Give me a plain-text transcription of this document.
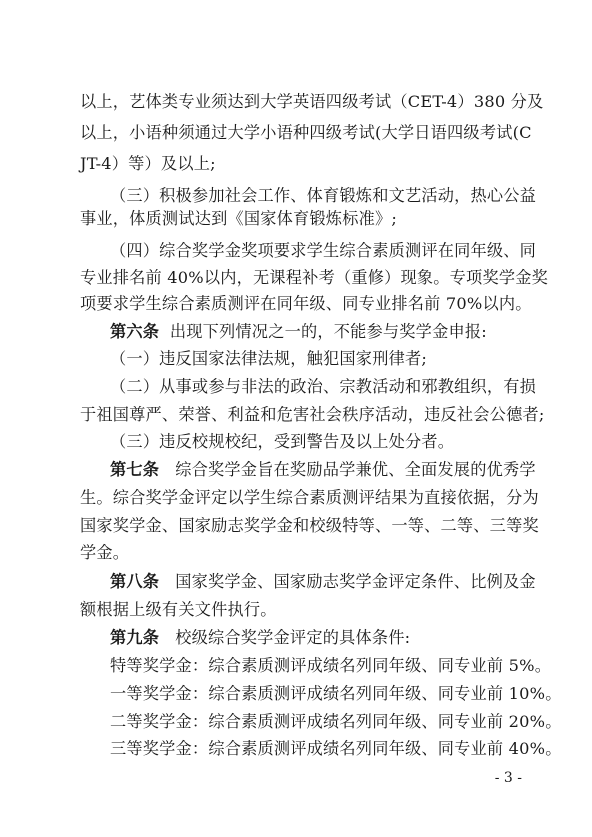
以上，艺体类专业须达到大学英语四级考试（CET-4）380 分及
以上，小语种须通过大学小语种四级考试(大学日语四级考试(C
JT-4）等）及以上;
（三）积极参加社会工作、体育锻炼和文艺活动，热心公益
事业，体质测试达到《国家体育锻炼标准》;
（四）综合奖学金奖项要求学生综合素质测评在同年级、同
专业排名前 40%以内，无课程补考（重修）现象。专项奖学金奖
项要求学生综合素质测评在同年级、同专业排名前 70%以内。
第六条 出现下列情况之一的，不能参与奖学金申报:
（一）违反国家法律法规，触犯国家刑律者;
（二）从事或参与非法的政治、宗教活动和邪教组织，有损
于祖国尊严、荣誉、利益和危害社会秩序活动，违反社会公德者;
（三）违反校规校纪，受到警告及以上处分者。
第七条 综合奖学金旨在奖励品学兼优、全面发展的优秀学
生。综合奖学金评定以学生综合素质测评结果为直接依据，分为
国家奖学金、国家励志奖学金和校级特等、一等、二等、三等奖
学金。
第八条 国家奖学金、国家励志奖学金评定条件、比例及金
额根据上级有关文件执行。
第九条 校级综合奖学金评定的具体条件:
特等奖学金：综合素质测评成绩名列同年级、同专业前 5%。
一等奖学金：综合素质测评成绩名列同年级、同专业前 10%。
二等奖学金：综合素质测评成绩名列同年级、同专业前 20%。
三等奖学金：综合素质测评成绩名列同年级、同专业前 40%。
- 3 -
